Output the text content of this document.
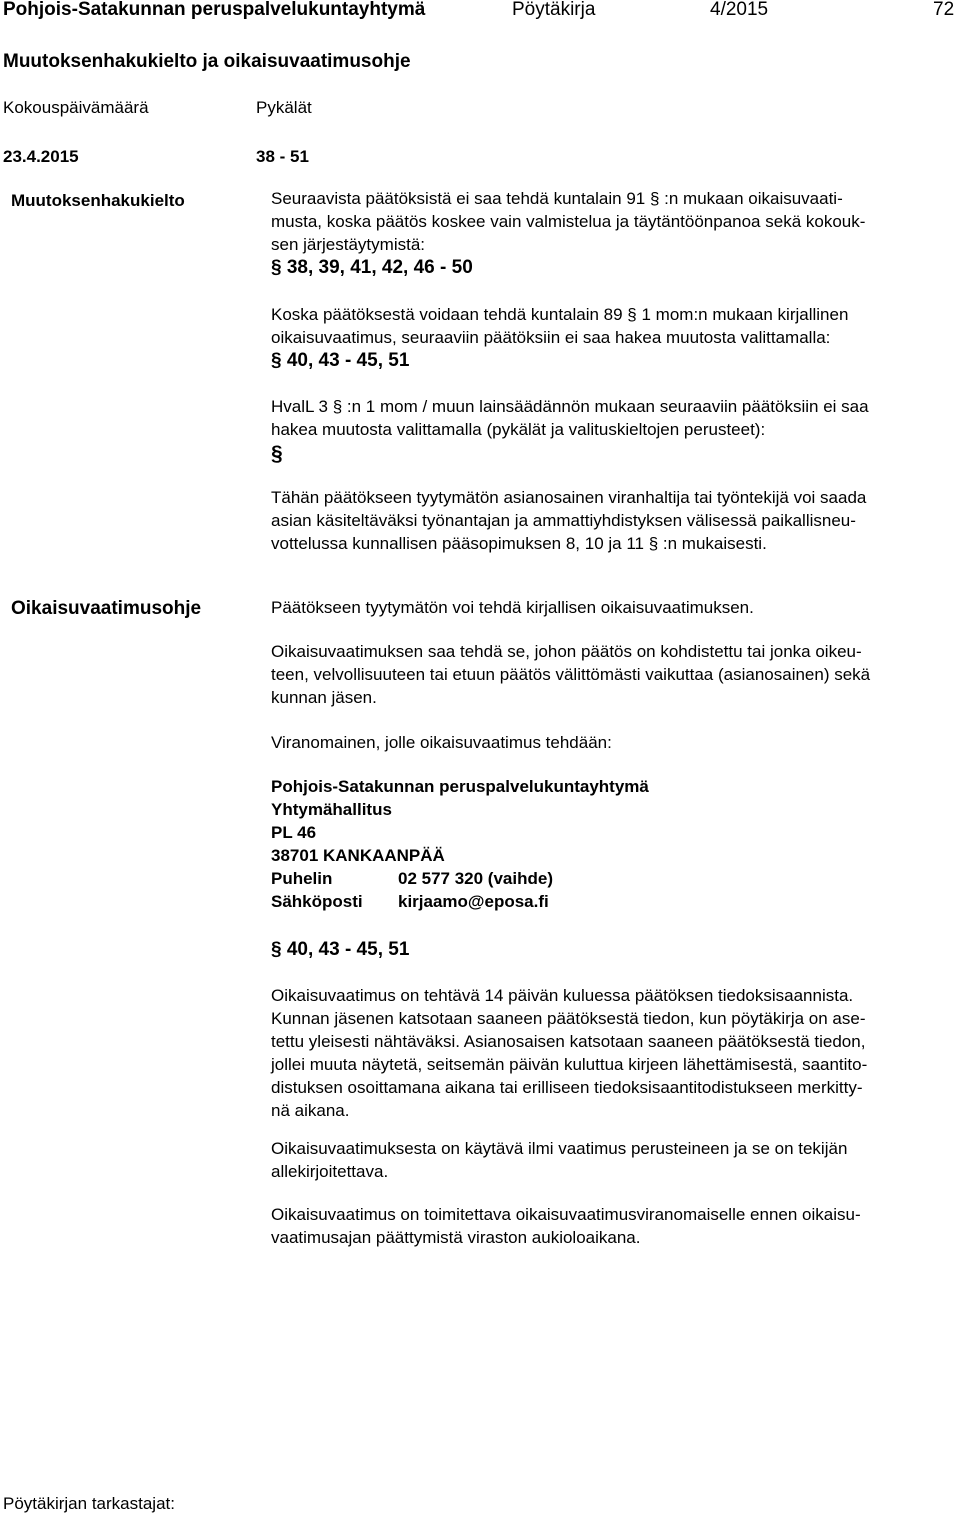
Pohjois-Satakunnan peruspalvelukuntayhtymä	Pöytäkirja	4/2015	72
Muutoksenhakukielto ja oikaisuvaatimusohje
Kokouspäivämäärä	Pykälät
23.4.2015	38 - 51
Muutoksenhakukielto	Seuraavista päätöksistä ei saa tehdä kuntalain 91 § :n mukaan oikaisuvaati-
musta, koska päätös koskee vain valmistelua ja täytäntöönpanoa sekä kokouk-
sen järjestäytymistä:
§ 38, 39, 41, 42, 46 - 50
Koska päätöksestä voidaan tehdä kuntalain 89 § 1 mom:n mukaan kirjallinen
oikaisuvaatimus, seuraaviin päätöksiin ei saa hakea muutosta valittamalla:
§ 40, 43 - 45, 51
HvalL 3 § :n 1 mom / muun lainsäädännön mukaan seuraaviin päätöksiin ei saa
hakea muutosta valittamalla (pykälät ja valituskieltojen perusteet):
§
Tähän päätökseen tyytymätön asianosainen viranhaltija tai työntekijä voi saada
asian käsiteltäväksi työnantajan ja ammattiyhdistyksen välisessä paikallisneu-
vottelussa kunnallisen pääsopimuksen 8, 10 ja 11 § :n mukaisesti.
Oikaisuvaatimusohje	Päätökseen tyytymätön voi tehdä kirjallisen oikaisuvaatimuksen.
Oikaisuvaatimuksen saa tehdä se, johon päätös on kohdistettu tai jonka oikeu-
teen, velvollisuuteen tai etuun päätös välittömästi vaikuttaa (asianosainen) sekä
kunnan jäsen.
Viranomainen, jolle oikaisuvaatimus tehdään:
Pohjois-Satakunnan peruspalvelukuntayhtymä
Yhtymähallitus
PL 46
38701 KANKAANPÄÄ
Puhelin	02 577 320 (vaihde)
Sähköposti kirjaamo@eposa.fi
§ 40, 43 - 45, 51
Oikaisuvaatimus on tehtävä 14 päivän kuluessa päätöksen tiedoksisaannista.
Kunnan jäsenen katsotaan saaneen päätöksestä tiedon, kun pöytäkirja on ase-
tettu yleisesti nähtäväksi. Asianosaisen katsotaan saaneen päätöksestä tiedon,
jollei muuta näytetä, seitsemän päivän kuluttua kirjeen lähettämisestä, saantito-
distuksen osoittamana aikana tai erilliseen tiedoksisaantitodistukseen merkitty-
nä aikana.
Oikaisuvaatimuksesta on käytävä ilmi vaatimus perusteineen ja se on tekijän
allekirjoitettava.
Oikaisuvaatimus on toimitettava oikaisuvaatimusviranomaiselle ennen oikaisu-
vaatimusajan päättymistä viraston aukioloaikana.
Pöytäkirjan tarkastajat:
